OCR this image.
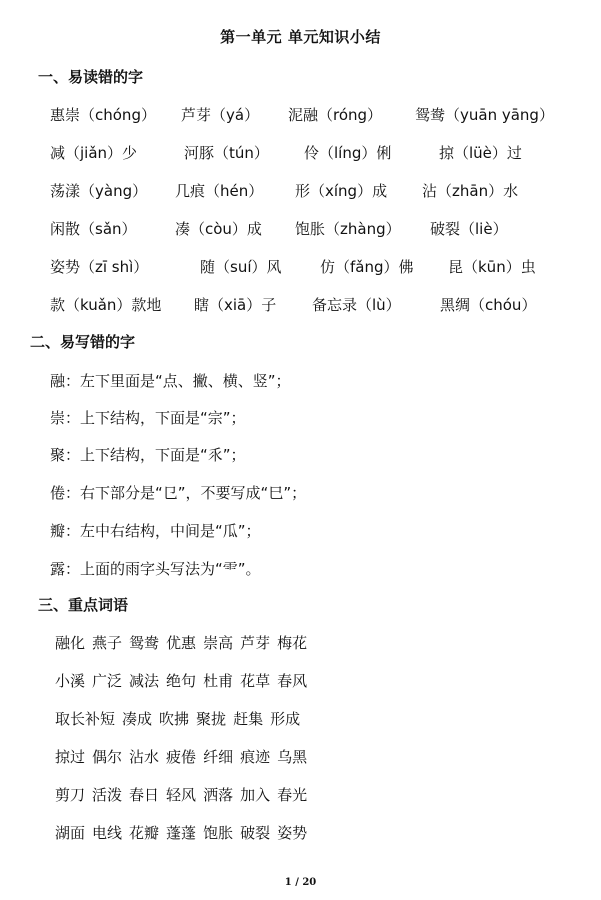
第一单元 单元知识小结
一、易读错的字
惠崇（chóng） 芦芽（yá） 泥融（róng） 鸳鸯（yuān yāng）
减（jiǎn）少	河豚（tún） 伶（líng）俐	掠（lüè）过
荡漾（yàng） 几痕（hén） 形（xíng）成 沾（zhān）水
闲散（sǎn）	凑（còu）成 饱胀（zhàng） 破裂（liè）
姿势（zī shì）	随（suí）风	仿（fǎng）佛 昆（kūn）虫
款（kuǎn）款地 瞎（xiā）子 备忘录（lù）	黑绸（chóu）
二、易写错的字
融：左下里面是“点、撇、横、竖”；
崇：上下结构，下面是“宗”；
聚：上下结构，下面是“乑”；
倦：右下部分是“㔾”，不要写成“巳”；
瓣：左中右结构，中间是“瓜”；
露：上面的雨字头写法为“⻗”。
三、重点词语
融化 燕子 鸳鸯 优惠 崇高 芦芽 梅花
小溪 广泛 减法 绝句 杜甫 花草 春风
取长补短 凑成 吹拂 聚拢 赶集 形成
掠过 偶尔 沾水 疲倦 纤细 痕迹 乌黑
剪刀 活泼 春日 轻风 洒落 加入 春光
湖面 电线 花瓣 蓬蓬 饱胀 破裂 姿势
1 / 20
